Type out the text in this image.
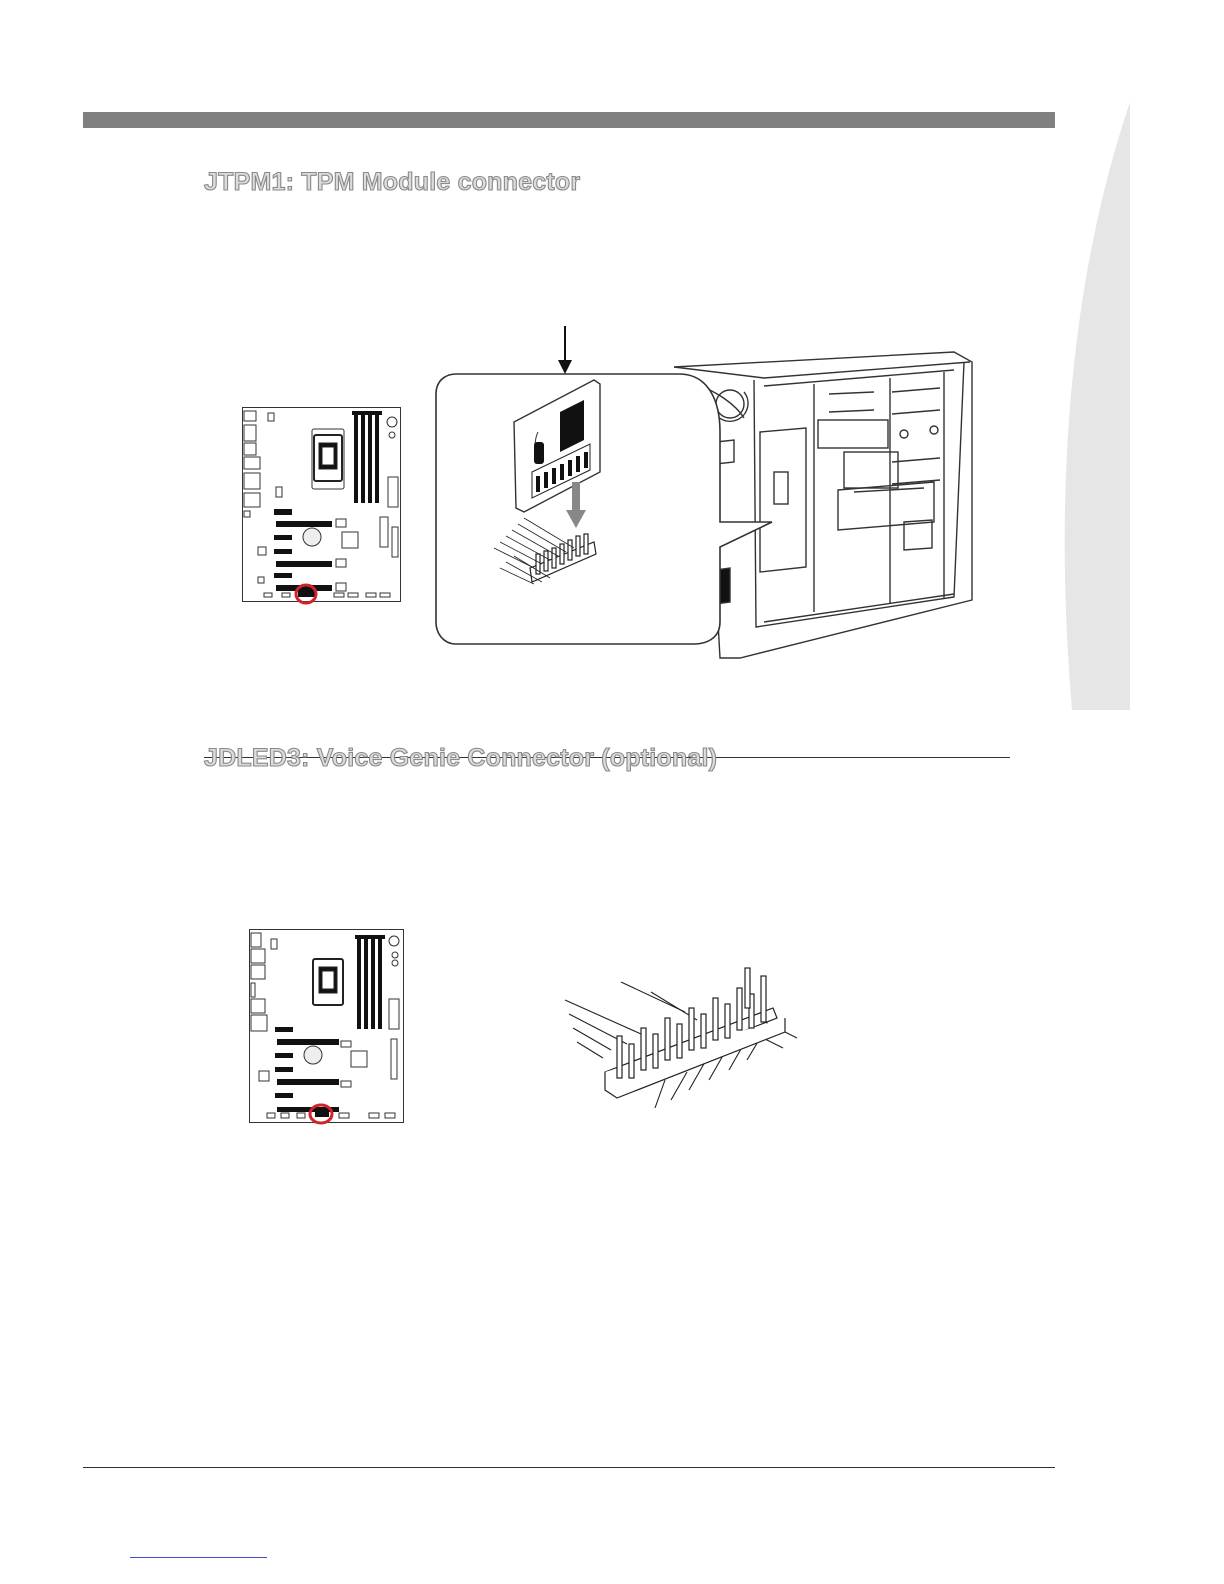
JTPM1: TPM Module connector
JDLED3: Voice Genie Connector (optional)
